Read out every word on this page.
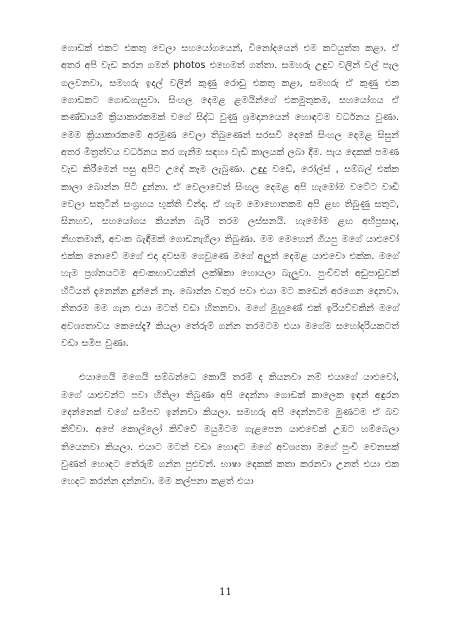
ගොඩක් එකට එකතු වෙලා සහයෝගයෙන්, විනෝදයෙන් එම කටයුත්ත කළා. ඒ අතර අපි වැඩ කරන ගමන් photos එහෙමත් ගත්තා. සමහරු උඳුව වලින් වල් පැල ගලවනවා, සමහරු ඉදල් වලින් කුණු රොඩු එකතු කළා, සමහරු ඒ කුණු එක ගොඩකට ගොඩගැසුවා. සිංහල දෙමළ ළමයින්ගේ එකමුතුකම, සහයෝගය ඒ කණ්ඩායම් ක්‍රියාකාරකමක් වගේ සිද්ධ වුණු ශ්‍රමදානයෙන් හොඳටම වර්ධනය වුණා. මෙම ක්‍රියාකාරකමේ අරමුණ වෙලා තිබුණෙත් සරසවි දෙකේ සිංහල දෙමළ සිසුන් අතර මිත්‍රත්වය වර්ධනය කර ගැනීම සඳහා වැඩි කාලයක් ලබා දීම. පැය දෙකක් පමණ වැඩ කිරීමෙන් පසු අපිට උදේ කෑම ලැබුණා. උඳුදු වඩේ, රෝල්ස් , සම්බල් එක්ක කාලා බොන්න පිටි දුන්නා. ඒ වෙලාවෙත් සිංහල දෙමළ අපි හැමෝම වටේට වාඩි වෙලා සතුටින් සංග්‍රහය භුක්ති වින්දා. ඒ හැම මොහොතකම අපි ළඟ තිබුණු සතුට, සිනහව, සහයෝගය කියන්න බැරි තරම ලස්සනයි. හැමෝම ළඟ අභිප්‍රසාද, නිහතමානී, අවංක බැඳීමක් ගොඩනැගිලා තිබුණා. මම මෙහෙන් ගියපු මගේ යාළුවෝ එක්ක නොවේ මගේ එදා දවසම ගෙවුණෙ මගේ අලුත් දෙමළ යාළුවො එක්ක. මගේ හැම ප්‍රශ්නයටම අවංකභාවයකින් ලක්ෂිකා හොයලා බැලුවා. පුංචිවත් අඩුපාඩුවක් හිටියත් දැනෙන්න දුන්නේ නෑ. බොන්න වතුර පවා එයා මට කඩෙන් අරගෙන දෙනවා. නිතරම මම ගැන එයා මටත් වඩා හිතනවා. මගේ මුහුණේ එක් ඉරියව්වකින් මගේ අවශ්‍යතාවය කෙසේදැ? කියලා තේරුම් ගන්න තරමටම එයා මගේම සහෝදරියකටත් වඩා සමීප වුණා.

එයාගෙයි මගෙයි සම්බන්ධෙ කොයි තරම් ද කියනවා නම් එයාගේ යාළුවෝ, මගේ යාළුවන්ට පවා හිතිලා තිබුණා අපි දෙන්නා ගොඩක් කාලෙක ඉඳන් අඳුරන දෙන්නෙක් වගේ සමීපව ඉන්නවා කියලා. සමහරු අපි දෙන්නටම මුණටම ඒ බව කිව්වා. අපේ කොල්ලෝ කිව්වේ මයුමිටම ගැළපෙන යාළුවෙක් උඹට හම්බෙලා තියෙනවා කියලා. එයාට මටත් වඩා හොඳට මගේ අවශ්‍යතා මගේ පුංචි වෙනසක් වුණත් හොඳට තේරුම් ගන්න පුළුවන්. භාෂා දෙකක් කතා කරනවා උනත් එයා එක හෙදට කරන්න දන්නවා. මම කල්පනා කළත් එයා

11
